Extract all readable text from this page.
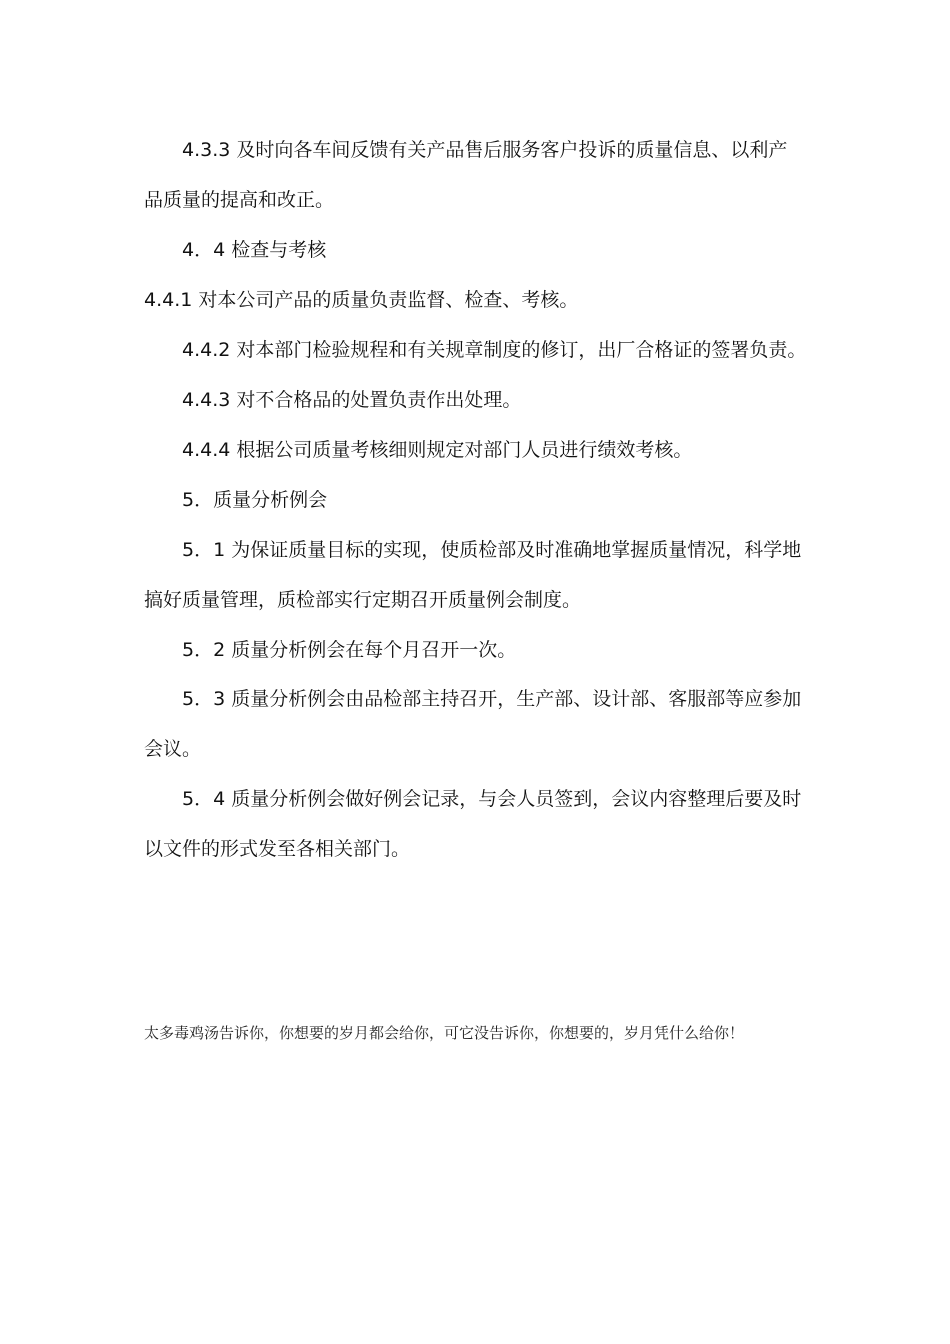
4.3.3 及时向各车间反馈有关产品售后服务客户投诉的质量信息、以利产
品质量的提高和改正。
4．4 检查与考核
4.4.1 对本公司产品的质量负责监督、检查、考核。
4.4.2 对本部门检验规程和有关规章制度的修订，出厂合格证的签署负责。
4.4.3 对不合格品的处置负责作出处理。
4.4.4 根据公司质量考核细则规定对部门人员进行绩效考核。
5．质量分析例会
5．1 为保证质量目标的实现，使质检部及时准确地掌握质量情况，科学地
搞好质量管理，质检部实行定期召开质量例会制度。
5．2 质量分析例会在每个月召开一次。
5．3 质量分析例会由品检部主持召开，生产部、设计部、客服部等应参加
会议。
5．4 质量分析例会做好例会记录，与会人员签到，会议内容整理后要及时
以文件的形式发至各相关部门。
太多毒鸡汤告诉你，你想要的岁月都会给你，可它没告诉你，你想要的，岁月凭什么给你！
